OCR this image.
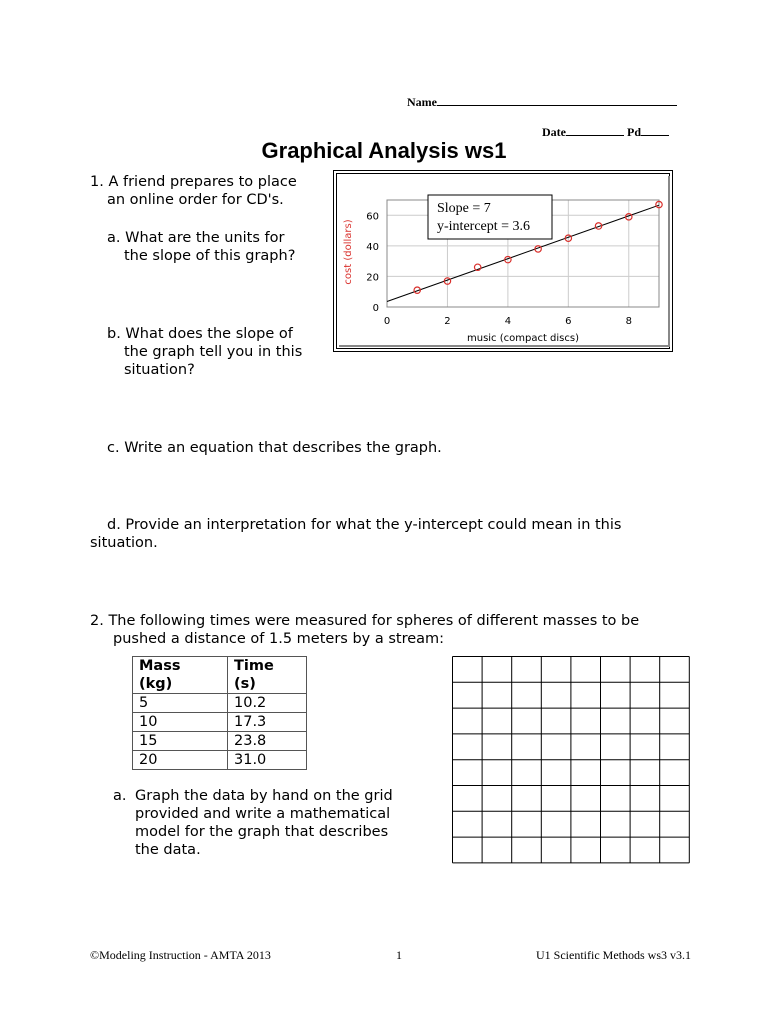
Name
Date	Pd
Graphical Analysis ws1
1. A friend prepares to place
an online order for CD's.
a. What are the units for
the slope of this graph?
b. What does the slope of
the graph tell you in this
situation?
c. Write an equation that describes the graph.
d. Provide an interpretation for what the y-intercept could mean in this
situation.
0
20
40
60
0	2	4	6	8
music (compact discs)
cost (dollars)
Slope = 7
y-intercept = 3.6
2. The following times were measured for spheres of different masses to be
pushed a distance of 1.5 meters by a stream:
Mass
(kg)	Time
(s)
5	10.2
10	17.3
15	23.8
20	31.0
a. Graph the data by hand on the grid
provided and write a mathematical
model for the graph that describes
the data.
©Modeling Instruction - AMTA 2013	1	U1 Scientific Methods ws3 v3.1
